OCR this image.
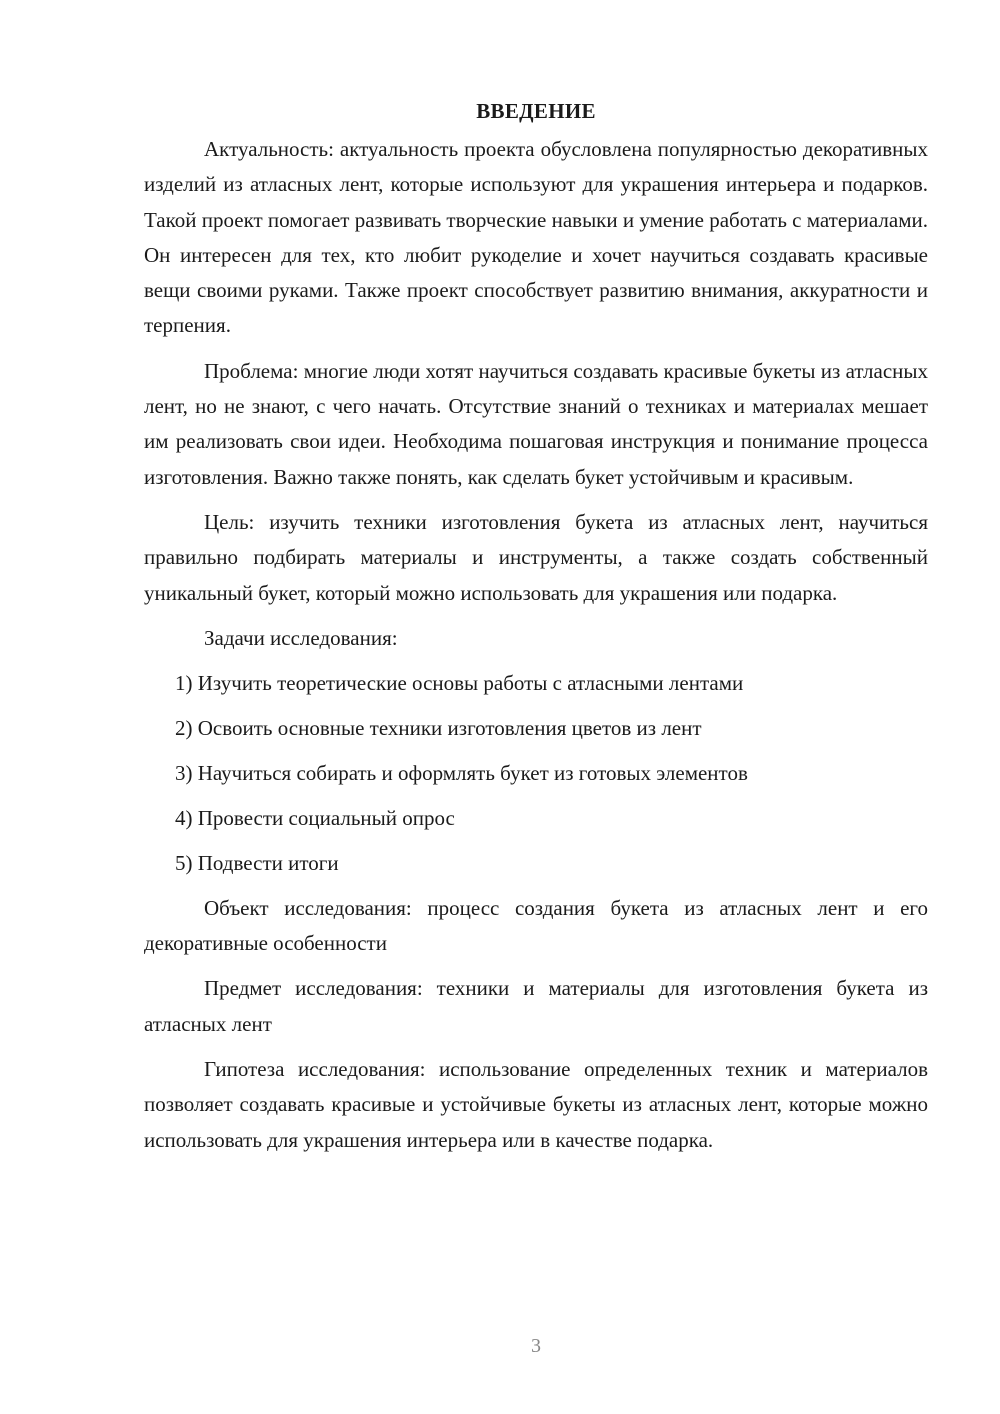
ВВЕДЕНИЕ

Актуальность: актуальность проекта обусловлена популярностью декоративных изделий из атласных лент, которые используют для украшения интерьера и подарков. Такой проект помогает развивать творческие навыки и умение работать с материалами. Он интересен для тех, кто любит рукоделие и хочет научиться создавать красивые вещи своими руками. Также проект способствует развитию внимания, аккуратности и терпения.

Проблема: многие люди хотят научиться создавать красивые букеты из атласных лент, но не знают, с чего начать. Отсутствие знаний о техниках и материалах мешает им реализовать свои идеи. Необходима пошаговая инструкция и понимание процесса изготовления. Важно также понять, как сделать букет устойчивым и красивым.

Цель: изучить техники изготовления букета из атласных лент, научиться правильно подбирать материалы и инструменты, а также создать собственный уникальный букет, который можно использовать для украшения или подарка.

Задачи исследования:

1) Изучить теоретические основы работы с атласными лентами
2) Освоить основные техники изготовления цветов из лент
3) Научиться собирать и оформлять букет из готовых элементов
4) Провести социальный опрос
5) Подвести итоги

Объект исследования: процесс создания букета из атласных лент и его декоративные особенности

Предмет исследования: техники и материалы для изготовления букета из атласных лент

Гипотеза исследования: использование определенных техник и материалов позволяет создавать красивые и устойчивые букеты из атласных лент, которые можно использовать для украшения интерьера или в качестве подарка.

3
